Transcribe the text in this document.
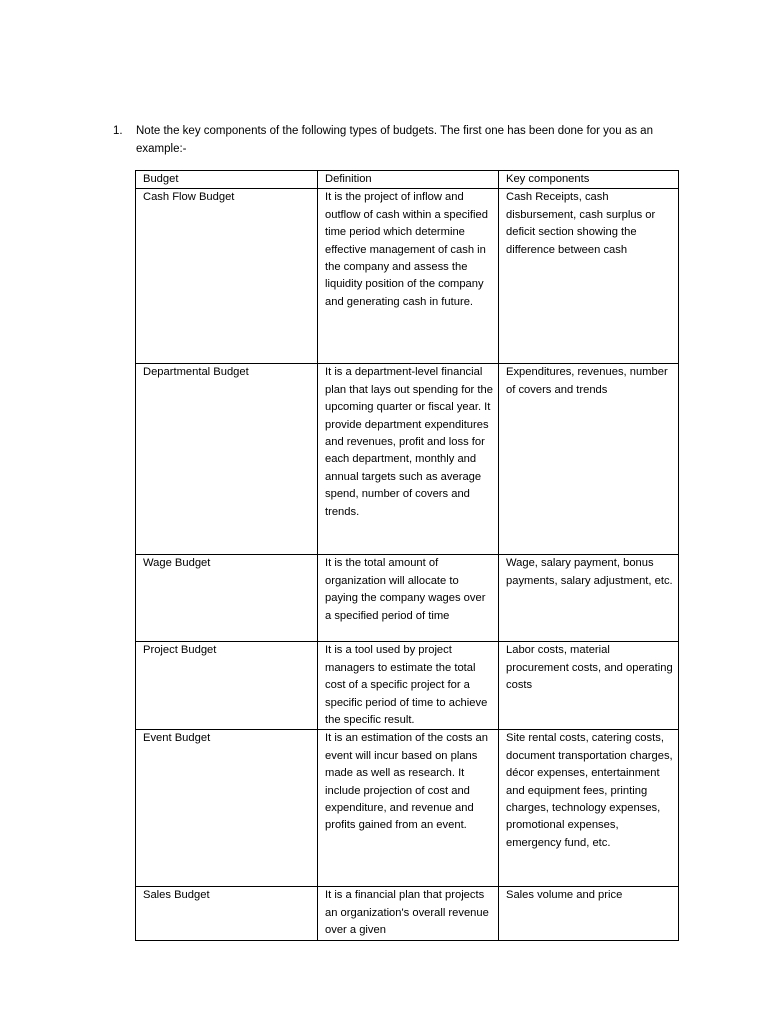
1. Note the key components of the following types of budgets. The first one has been done for you as an example:-
Budget	Definition	Key components
Cash Flow Budget	It is the project of inflow and outflow of cash within a specified time period which determine effective management of cash in the company and assess the liquidity position of the company and generating cash in future.	Cash Receipts, cash disbursement, cash surplus or deficit section showing the difference between cash
Departmental Budget	It is a department-level financial plan that lays out spending for the upcoming quarter or fiscal year. It provide department expenditures and revenues, profit and loss for each department, monthly and annual targets such as average spend, number of covers and trends.	Expenditures, revenues, number of covers and trends
Wage Budget	It is the total amount of organization will allocate to paying the company wages over a specified period of time	Wage, salary payment, bonus payments, salary adjustment, etc.
Project Budget	It is a tool used by project managers to estimate the total cost of a specific project for a specific period of time to achieve the specific result.	Labor costs, material procurement costs, and operating costs
Event Budget	It is an estimation of the costs an event will incur based on plans made as well as research. It include projection of cost and expenditure, and revenue and profits gained from an event.	Site rental costs, catering costs, document transportation charges, décor expenses, entertainment and equipment fees, printing charges, technology expenses, promotional expenses, emergency fund, etc.
Sales Budget	It is a financial plan that projects an organization's overall revenue over a given	Sales volume and price
